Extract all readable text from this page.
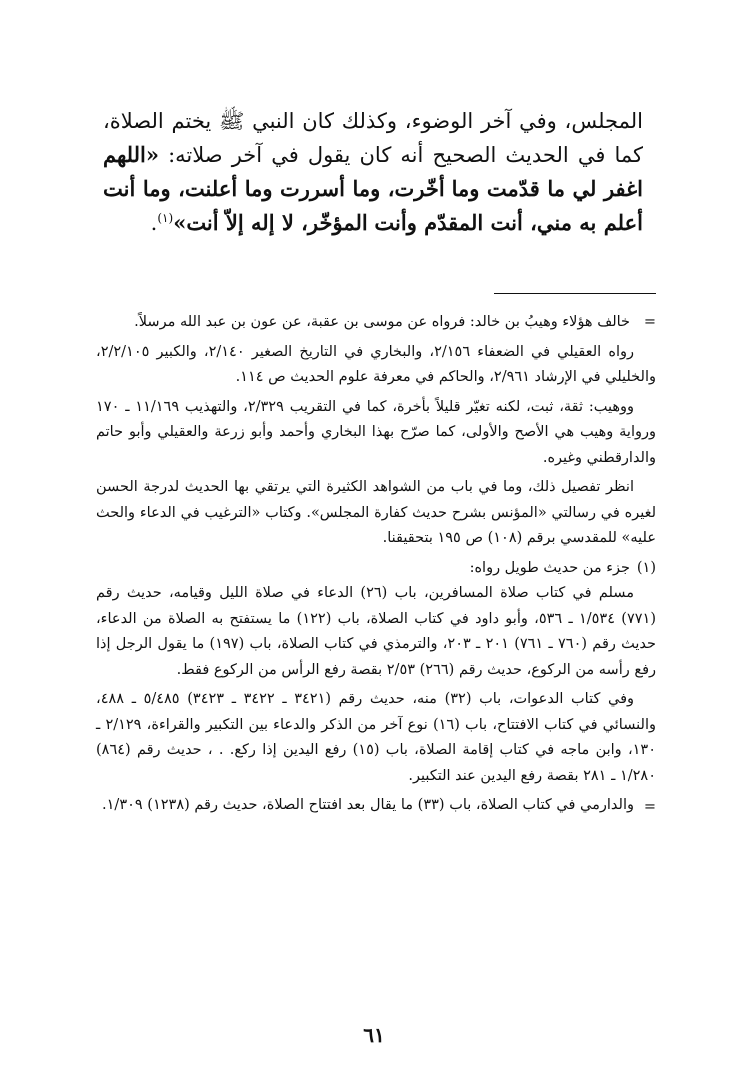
المجلس، وفي آخر الوضوء، وكذلك كان النبي ﷺ يختم الصلاة، كما في الحديث الصحيح أنه كان يقول في آخر صلاته: «اللهم اغفر لي ما قدّمت وما أخّرت، وما أسررت وما أعلنت، وما أنت أعلم به مني، أنت المقدّم وأنت المؤخّر، لا إله إلاّ أنت»$^{(١)}$.

=

خالف هؤلاء وهيبُ بن خالد: فرواه عن موسى بن عقبة، عن عون بن عبد الله مرسلاً.

رواه العقيلي في الضعفاء ٢/١٥٦، والبخاري في التاريخ الصغير ٢/١٤٠، والكبير ٢/٢/١٠٥، والخليلي في الإرشاد ٢/٩٦١، والحاكم في معرفة علوم الحديث ص ١١٤.

ووهيب: ثقة، ثبت، لكنه تغيّر قليلاً بأخرة، كما في التقريب ٢/٣٢٩، والتهذيب ١١/١٦٩ ـ ١٧٠ ورواية وهيب هي الأصح والأولى، كما صرّح بهذا البخاري وأحمد وأبو زرعة والعقيلي وأبو حاتم والدارقطني وغيره.

انظر تفصيل ذلك، وما في باب من الشواهد الكثيرة التي يرتقي بها الحديث لدرجة الحسن لغيره في رسالتي «المؤنس بشرح حديث كفارة المجلس». وكتاب «الترغيب في الدعاء والحث عليه» للمقدسي برقم (١٠٨) ص ١٩٥ بتحقيقنا.

(١)

جزء من حديث طويل رواه:

مسلم في كتاب صلاة المسافرين، باب (٢٦) الدعاء في صلاة الليل وقيامه، حديث رقم (٧٧١) ١/٥٣٤ ـ ٥٣٦، وأبو داود في كتاب الصلاة، باب (١٢٢) ما يستفتح به الصلاة من الدعاء، حديث رقم (٧٦٠ ـ ٧٦١) ٢٠١ ـ ٢٠٣، والترمذي في كتاب الصلاة، باب (١٩٧) ما يقول الرجل إذا رفع رأسه من الركوع، حديث رقم (٢٦٦) ٢/٥٣ بقصة رفع الرأس من الركوع فقط.

وفي كتاب الدعوات، باب (٣٢) منه، حديث رقم (٣٤٢١ ـ ٣٤٢٢ ـ ٣٤٢٣) ٥/٤٨٥ ـ ٤٨٨، والنسائي في كتاب الافتتاح، باب (١٦) نوع آخر من الذكر والدعاء بين التكبير والقراءة، ٢/١٢٩ ـ ١٣٠، وابن ماجه في كتاب إقامة الصلاة، باب (١٥) رفع اليدين إذا ركع. . ، حديث رقم (٨٦٤) ١/٢٨٠ ـ ٢٨١ بقصة رفع اليدين عند التكبير.

والدارمي في كتاب الصلاة، باب (٣٣) ما يقال بعد افتتاح الصلاة، حديث رقم (١٢٣٨) ١/٣٠٩. =
٦١
